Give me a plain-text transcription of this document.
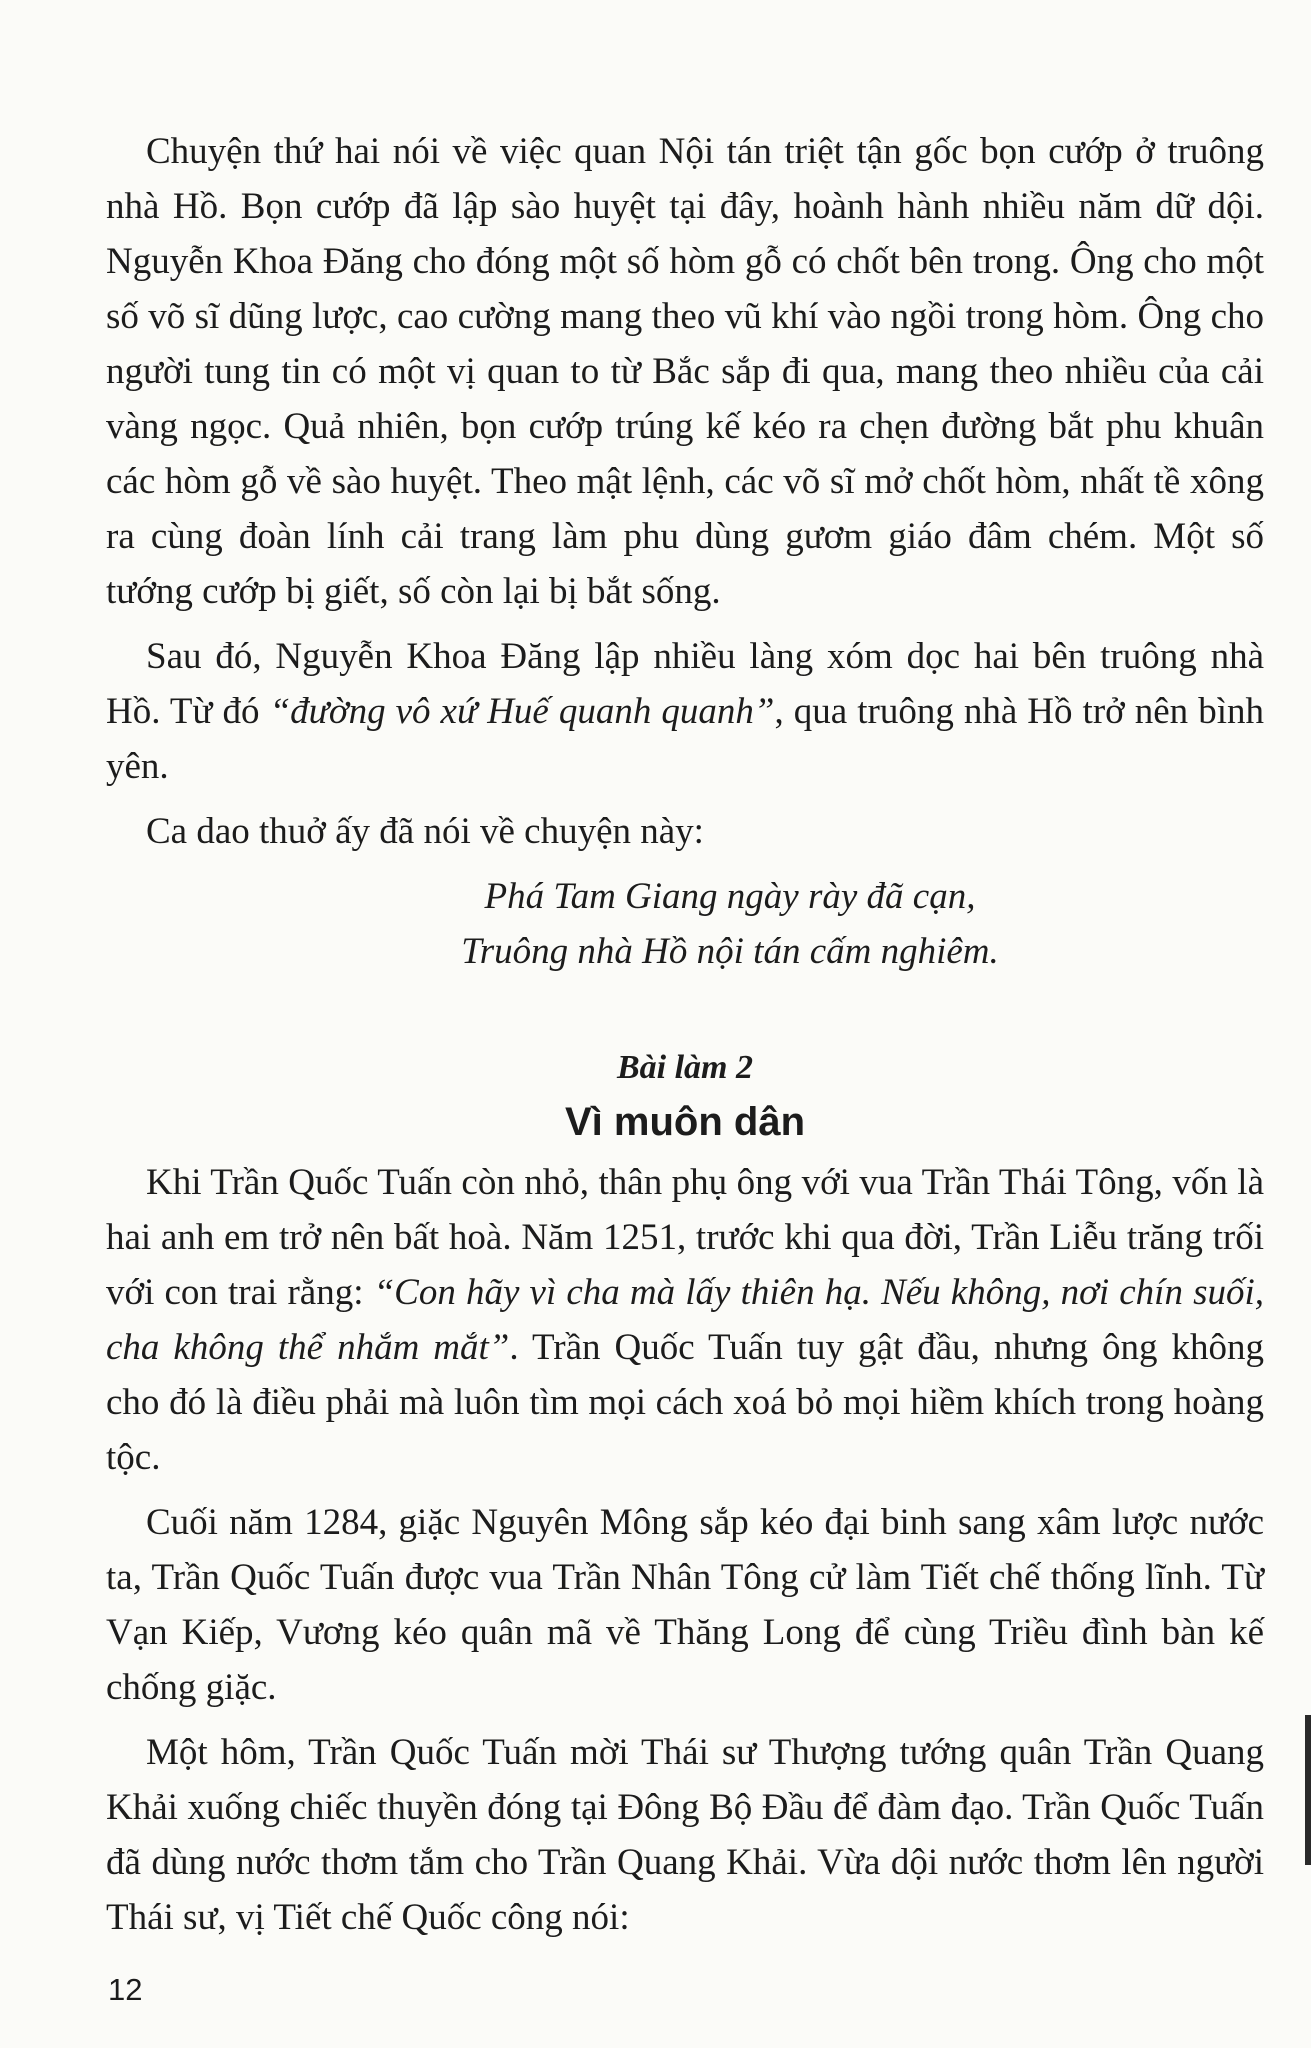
Chuyện thứ hai nói về việc quan Nội tán triệt tận gốc bọn cướp ở truông nhà Hồ. Bọn cướp đã lập sào huyệt tại đây, hoành hành nhiều năm dữ dội. Nguyễn Khoa Đăng cho đóng một số hòm gỗ có chốt bên trong. Ông cho một số võ sĩ dũng lược, cao cường mang theo vũ khí vào ngồi trong hòm. Ông cho người tung tin có một vị quan to từ Bắc sắp đi qua, mang theo nhiều của cải vàng ngọc. Quả nhiên, bọn cướp trúng kế kéo ra chẹn đường bắt phu khuân các hòm gỗ về sào huyệt. Theo mật lệnh, các võ sĩ mở chốt hòm, nhất tề xông ra cùng đoàn lính cải trang làm phu dùng gươm giáo đâm chém. Một số tướng cướp bị giết, số còn lại bị bắt sống.

Sau đó, Nguyễn Khoa Đăng lập nhiều làng xóm dọc hai bên truông nhà Hồ. Từ đó “đường vô xứ Huế quanh quanh”, qua truông nhà Hồ trở nên bình yên.

Ca dao thuở ấy đã nói về chuyện này:

Phá Tam Giang ngày rày đã cạn,
Truông nhà Hồ nội tán cấm nghiêm.
Bài làm 2
Vì muôn dân

Khi Trần Quốc Tuấn còn nhỏ, thân phụ ông với vua Trần Thái Tông, vốn là hai anh em trở nên bất hoà. Năm 1251, trước khi qua đời, Trần Liễu trăng trối với con trai rằng: “Con hãy vì cha mà lấy thiên hạ. Nếu không, nơi chín suối, cha không thể nhắm mắt”. Trần Quốc Tuấn tuy gật đầu, nhưng ông không cho đó là điều phải mà luôn tìm mọi cách xoá bỏ mọi hiềm khích trong hoàng tộc.

Cuối năm 1284, giặc Nguyên Mông sắp kéo đại binh sang xâm lược nước ta, Trần Quốc Tuấn được vua Trần Nhân Tông cử làm Tiết chế thống lĩnh. Từ Vạn Kiếp, Vương kéo quân mã về Thăng Long để cùng Triều đình bàn kế chống giặc.

Một hôm, Trần Quốc Tuấn mời Thái sư Thượng tướng quân Trần Quang Khải xuống chiếc thuyền đóng tại Đông Bộ Đầu để đàm đạo. Trần Quốc Tuấn đã dùng nước thơm tắm cho Trần Quang Khải. Vừa dội nước thơm lên người Thái sư, vị Tiết chế Quốc công nói:

12
